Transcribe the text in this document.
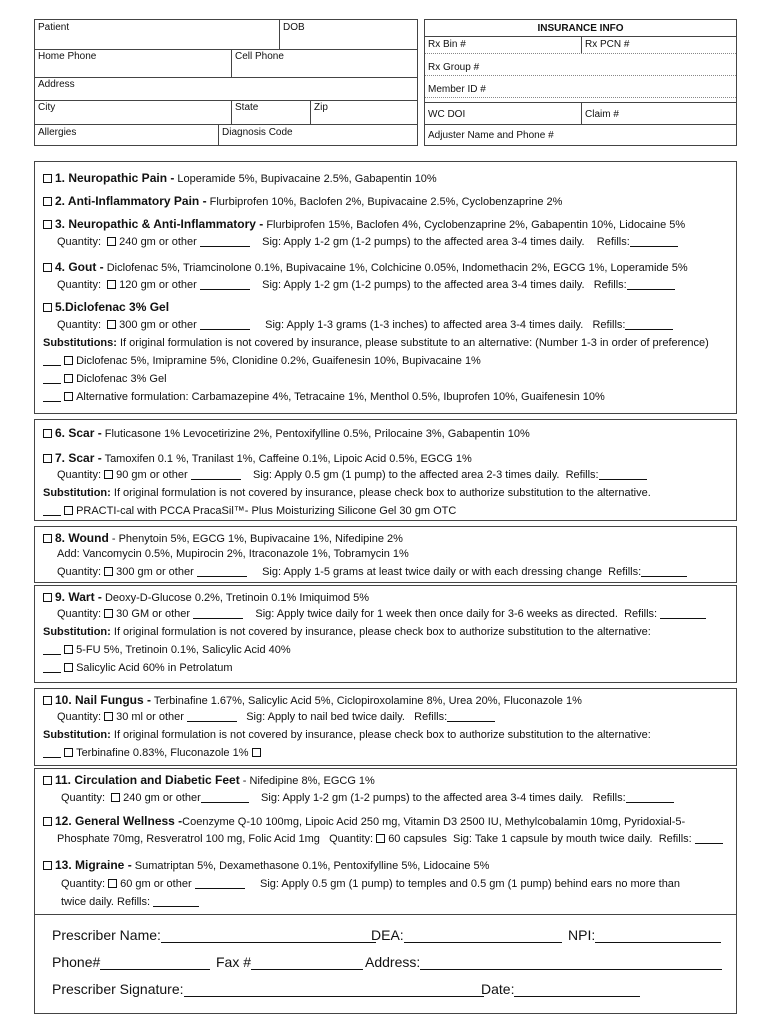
Patient	DOB
Home Phone	Cell Phone
Address
City	State	Zip
Allergies	Diagnosis Code
INSURANCE INFO
Rx Bin #	Rx PCN #
Rx Group #
Member ID #
WC DOI	Claim #
Adjuster Name and Phone #
1. Neuropathic Pain - Loperamide 5%, Bupivacaine 2.5%, Gabapentin 10%
2. Anti-Inflammatory Pain - Flurbiprofen 10%, Baclofen 2%, Bupivacaine 2.5%, Cyclobenzaprine 2%
3. Neuropathic & Anti-Inflammatory - Flurbiprofen 15%, Baclofen 4%, Cyclobenzaprine 2%, Gabapentin 10%, Lidocaine 5%
Quantity: 240 gm or other	Sig: Apply 1-2 gm (1-2 pumps) to the affected area 3-4 times daily. Refills:
4. Gout - Diclofenac 5%, Triamcinolone 0.1%, Bupivacaine 1%, Colchicine 0.05%, Indomethacin 2%, EGCG 1%, Loperamide 5%
Quantity: 120 gm or other	Sig: Apply 1-2 gm (1-2 pumps) to the affected area 3-4 times daily. Refills:
5.Diclofenac 3% Gel
Quantity: 300 gm or other	Sig: Apply 1-3 grams (1-3 inches) to affected area 3-4 times daily. Refills:
Substitutions: If original formulation is not covered by insurance, please substitute to an alternative: (Number 1-3 in order of preference)
Diclofenac 5%, Imipramine 5%, Clonidine 0.2%, Guaifenesin 10%, Bupivacaine 1%
Diclofenac 3% Gel
Alternative formulation: Carbamazepine 4%, Tetracaine 1%, Menthol 0.5%, Ibuprofen 10%, Guaifenesin 10%
6. Scar - Fluticasone 1% Levocetirizine 2%, Pentoxifylline 0.5%, Prilocaine 3%, Gabapentin 10%
7. Scar - Tamoxifen 0.1 %, Tranilast 1%, Caffeine 0.1%, Lipoic Acid 0.5%, EGCG 1%
Quantity: 90 gm or other	Sig: Apply 0.5 gm (1 pump) to the affected area 2-3 times daily. Refills:
Substitution: If original formulation is not covered by insurance, please check box to authorize substitution to the alternative.
PRACTI-cal with PCCA PracaSil™- Plus Moisturizing Silicone Gel 30 gm OTC
8. Wound - Phenytoin 5%, EGCG 1%, Bupivacaine 1%, Nifedipine 2%
Add: Vancomycin 0.5%, Mupirocin 2%, Itraconazole 1%, Tobramycin 1%
Quantity: 300 gm or other	Sig: Apply 1-5 grams at least twice daily or with each dressing change Refills:
9. Wart - Deoxy-D-Glucose 0.2%, Tretinoin 0.1% Imiquimod 5%
Quantity: 30 GM or other	Sig: Apply twice daily for 1 week then once daily for 3-6 weeks as directed. Refills:
Substitution: If original formulation is not covered by insurance, please check box to authorize substitution to the alternative:
5-FU 5%, Tretinoin 0.1%, Salicylic Acid 40%
Salicylic Acid 60% in Petrolatum
10. Nail Fungus - Terbinafine 1.67%, Salicylic Acid 5%, Ciclopiroxolamine 8%, Urea 20%, Fluconazole 1%
Quantity: 30 ml or other	Sig: Apply to nail bed twice daily. Refills:
Substitution: If original formulation is not covered by insurance, please check box to authorize substitution to the alternative:
Terbinafine 0.83%, Fluconazole 1%
11. Circulation and Diabetic Feet - Nifedipine 8%, EGCG 1%
Quantity: 240 gm or other	Sig: Apply 1-2 gm (1-2 pumps) to the affected area 3-4 times daily. Refills:
12. General Wellness -Coenzyme Q-10 100mg, Lipoic Acid 250 mg, Vitamin D3 2500 IU, Methylcobalamin 10mg, Pyridoxial-5-
Phosphate 70mg, Resveratrol 100 mg, Folic Acid 1mg Quantity: 60 capsules Sig: Take 1 capsule by mouth twice daily. Refills:
13. Migraine - Sumatriptan 5%, Dexamethasone 0.1%, Pentoxifylline 5%, Lidocaine 5%
Quantity: 60 gm or other	Sig: Apply 0.5 gm (1 pump) to temples and 0.5 gm (1 pump) behind ears no more than
twice daily. Refills:
Prescriber Name:	DEA:	NPI:
Phone#	Fax #	Address:
Prescriber Signature:	Date:
